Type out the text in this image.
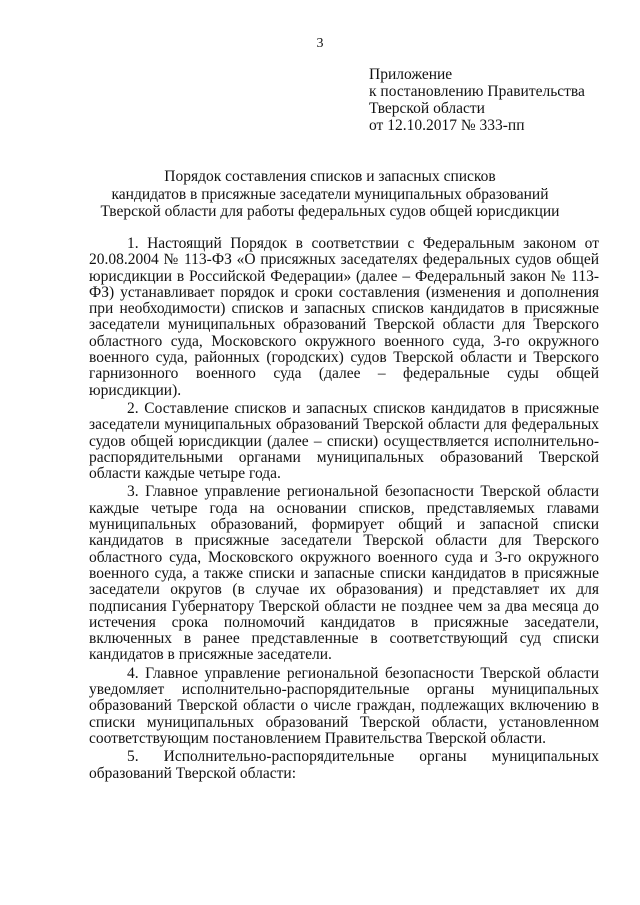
3
Приложение
к постановлению Правительства
Тверской области
от 12.10.2017 № 333-пп
Порядок составления списков и запасных списков
кандидатов в присяжные заседатели муниципальных образований
Тверской области для работы федеральных судов общей юрисдикции

1. Настоящий Порядок в соответствии с Федеральным законом от 20.08.2004 № 113-ФЗ «О присяжных заседателях федеральных судов общей юрисдикции в Российской Федерации» (далее – Федеральный закон № 113-ФЗ) устанавливает порядок и сроки составления (изменения и дополнения при необходимости) списков и запасных списков кандидатов в присяжные заседатели муниципальных образований Тверской области для Тверского областного суда, Московского окружного военного суда, 3-го окружного военного суда, районных (городских) судов Тверской области и Тверского гарнизонного военного суда (далее – федеральные суды общей юрисдикции).

2. Составление списков и запасных списков кандидатов в присяжные заседатели муниципальных образований Тверской области для федеральных судов общей юрисдикции (далее – списки) осуществляется исполнительно-распорядительными органами муниципальных образований Тверской области каждые четыре года.

3. Главное управление региональной безопасности Тверской области каждые четыре года на основании списков, представляемых главами муниципальных образований, формирует общий и запасной списки кандидатов в присяжные заседатели Тверской области для Тверского областного суда, Московского окружного военного суда и 3-го окружного военного суда, а также списки и запасные списки кандидатов в присяжные заседатели округов (в случае их образования) и представляет их для подписания Губернатору Тверской области не позднее чем за два месяца до истечения срока полномочий кандидатов в присяжные заседатели, включенных в ранее представленные в соответствующий суд списки кандидатов в присяжные заседатели.

4. Главное управление региональной безопасности Тверской области уведомляет исполнительно-распорядительные органы муниципальных образований Тверской области о числе граждан, подлежащих включению в списки муниципальных образований Тверской области, установленном соответствующим постановлением Правительства Тверской области.

5. Исполнительно-распорядительные органы муниципальных образований Тверской области:
